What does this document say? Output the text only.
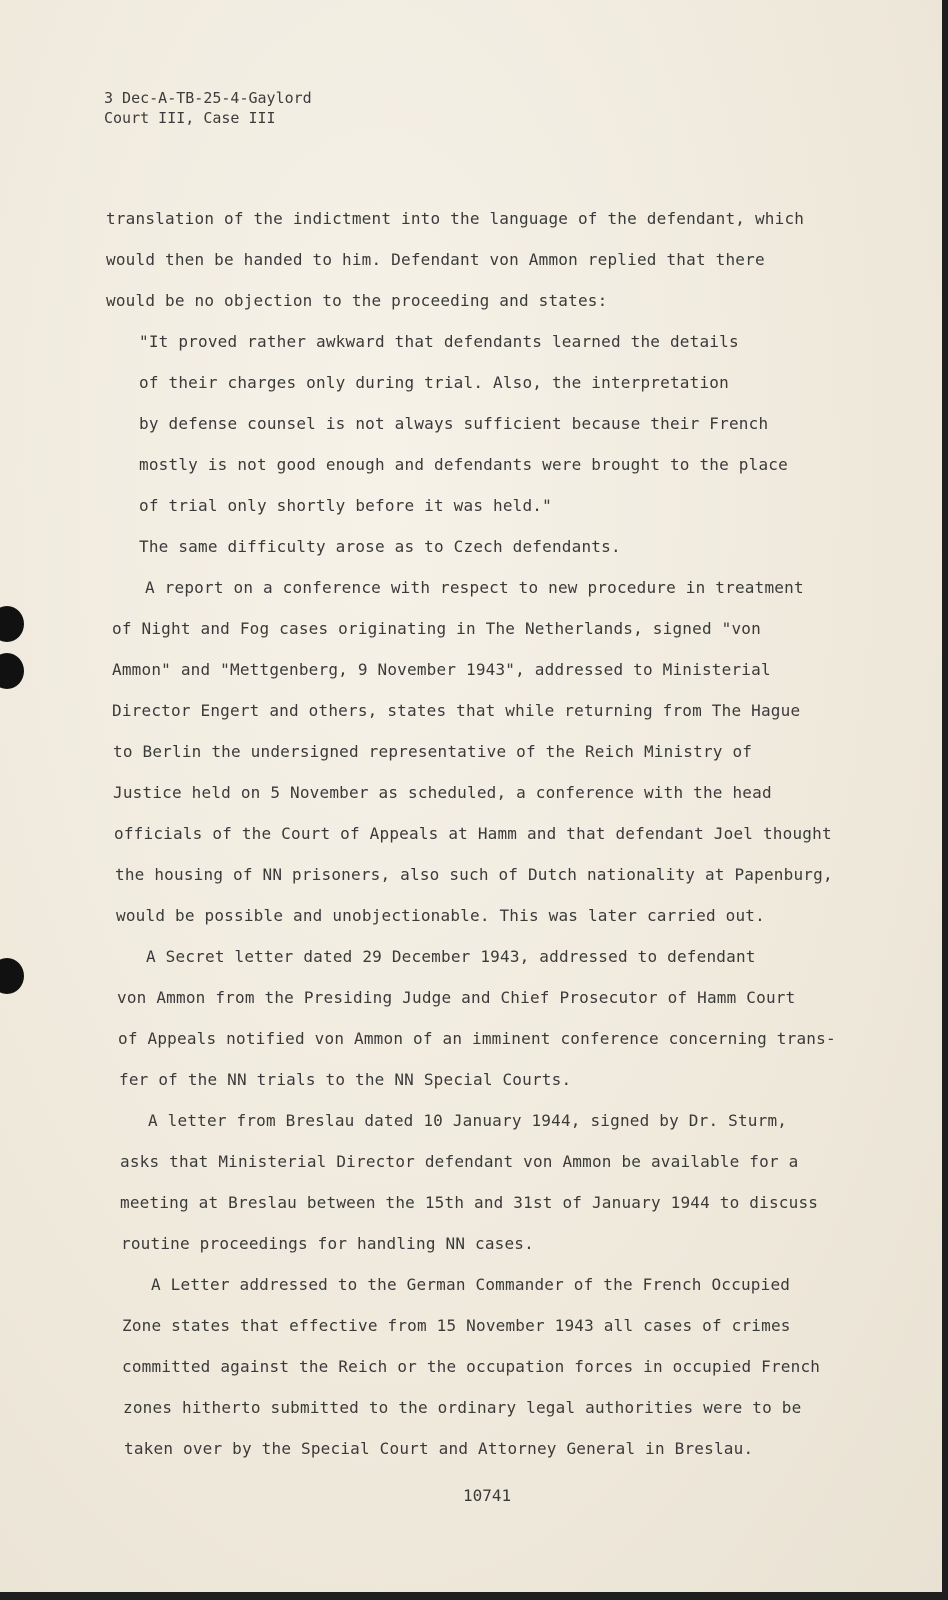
3 Dec-A-TB-25-4-Gaylord
Court III, Case III
translation of the indictment into the language of the defendant, which
would then be handed to him. Defendant von Ammon replied that there
would be no objection to the proceeding and states:
"It proved rather awkward that defendants learned the details
of their charges only during trial. Also, the interpretation
by defense counsel is not always sufficient because their French
mostly is not good enough and defendants were brought to the place
of trial only shortly before it was held."
The same difficulty arose as to Czech defendants.
A report on a conference with respect to new procedure in treatment
of Night and Fog cases originating in The Netherlands, signed "von
Ammon" and "Mettgenberg, 9 November 1943", addressed to Ministerial
Director Engert and others, states that while returning from The Hague
to Berlin the undersigned representative of the Reich Ministry of
Justice held on 5 November as scheduled, a conference with the head
officials of the Court of Appeals at Hamm and that defendant Joel thought
the housing of NN prisoners, also such of Dutch nationality at Papenburg,
would be possible and unobjectionable. This was later carried out.
A Secret letter dated 29 December 1943, addressed to defendant
von Ammon from the Presiding Judge and Chief Prosecutor of Hamm Court
of Appeals notified von Ammon of an imminent conference concerning trans-
fer of the NN trials to the NN Special Courts.
A letter from Breslau dated 10 January 1944, signed by Dr. Sturm,
asks that Ministerial Director defendant von Ammon be available for a
meeting at Breslau between the 15th and 31st of January 1944 to discuss
routine proceedings for handling NN cases.
A Letter addressed to the German Commander of the French Occupied
Zone states that effective from 15 November 1943 all cases of crimes
committed against the Reich or the occupation forces in occupied French
zones hitherto submitted to the ordinary legal authorities were to be
taken over by the Special Court and Attorney General in Breslau.
10741
